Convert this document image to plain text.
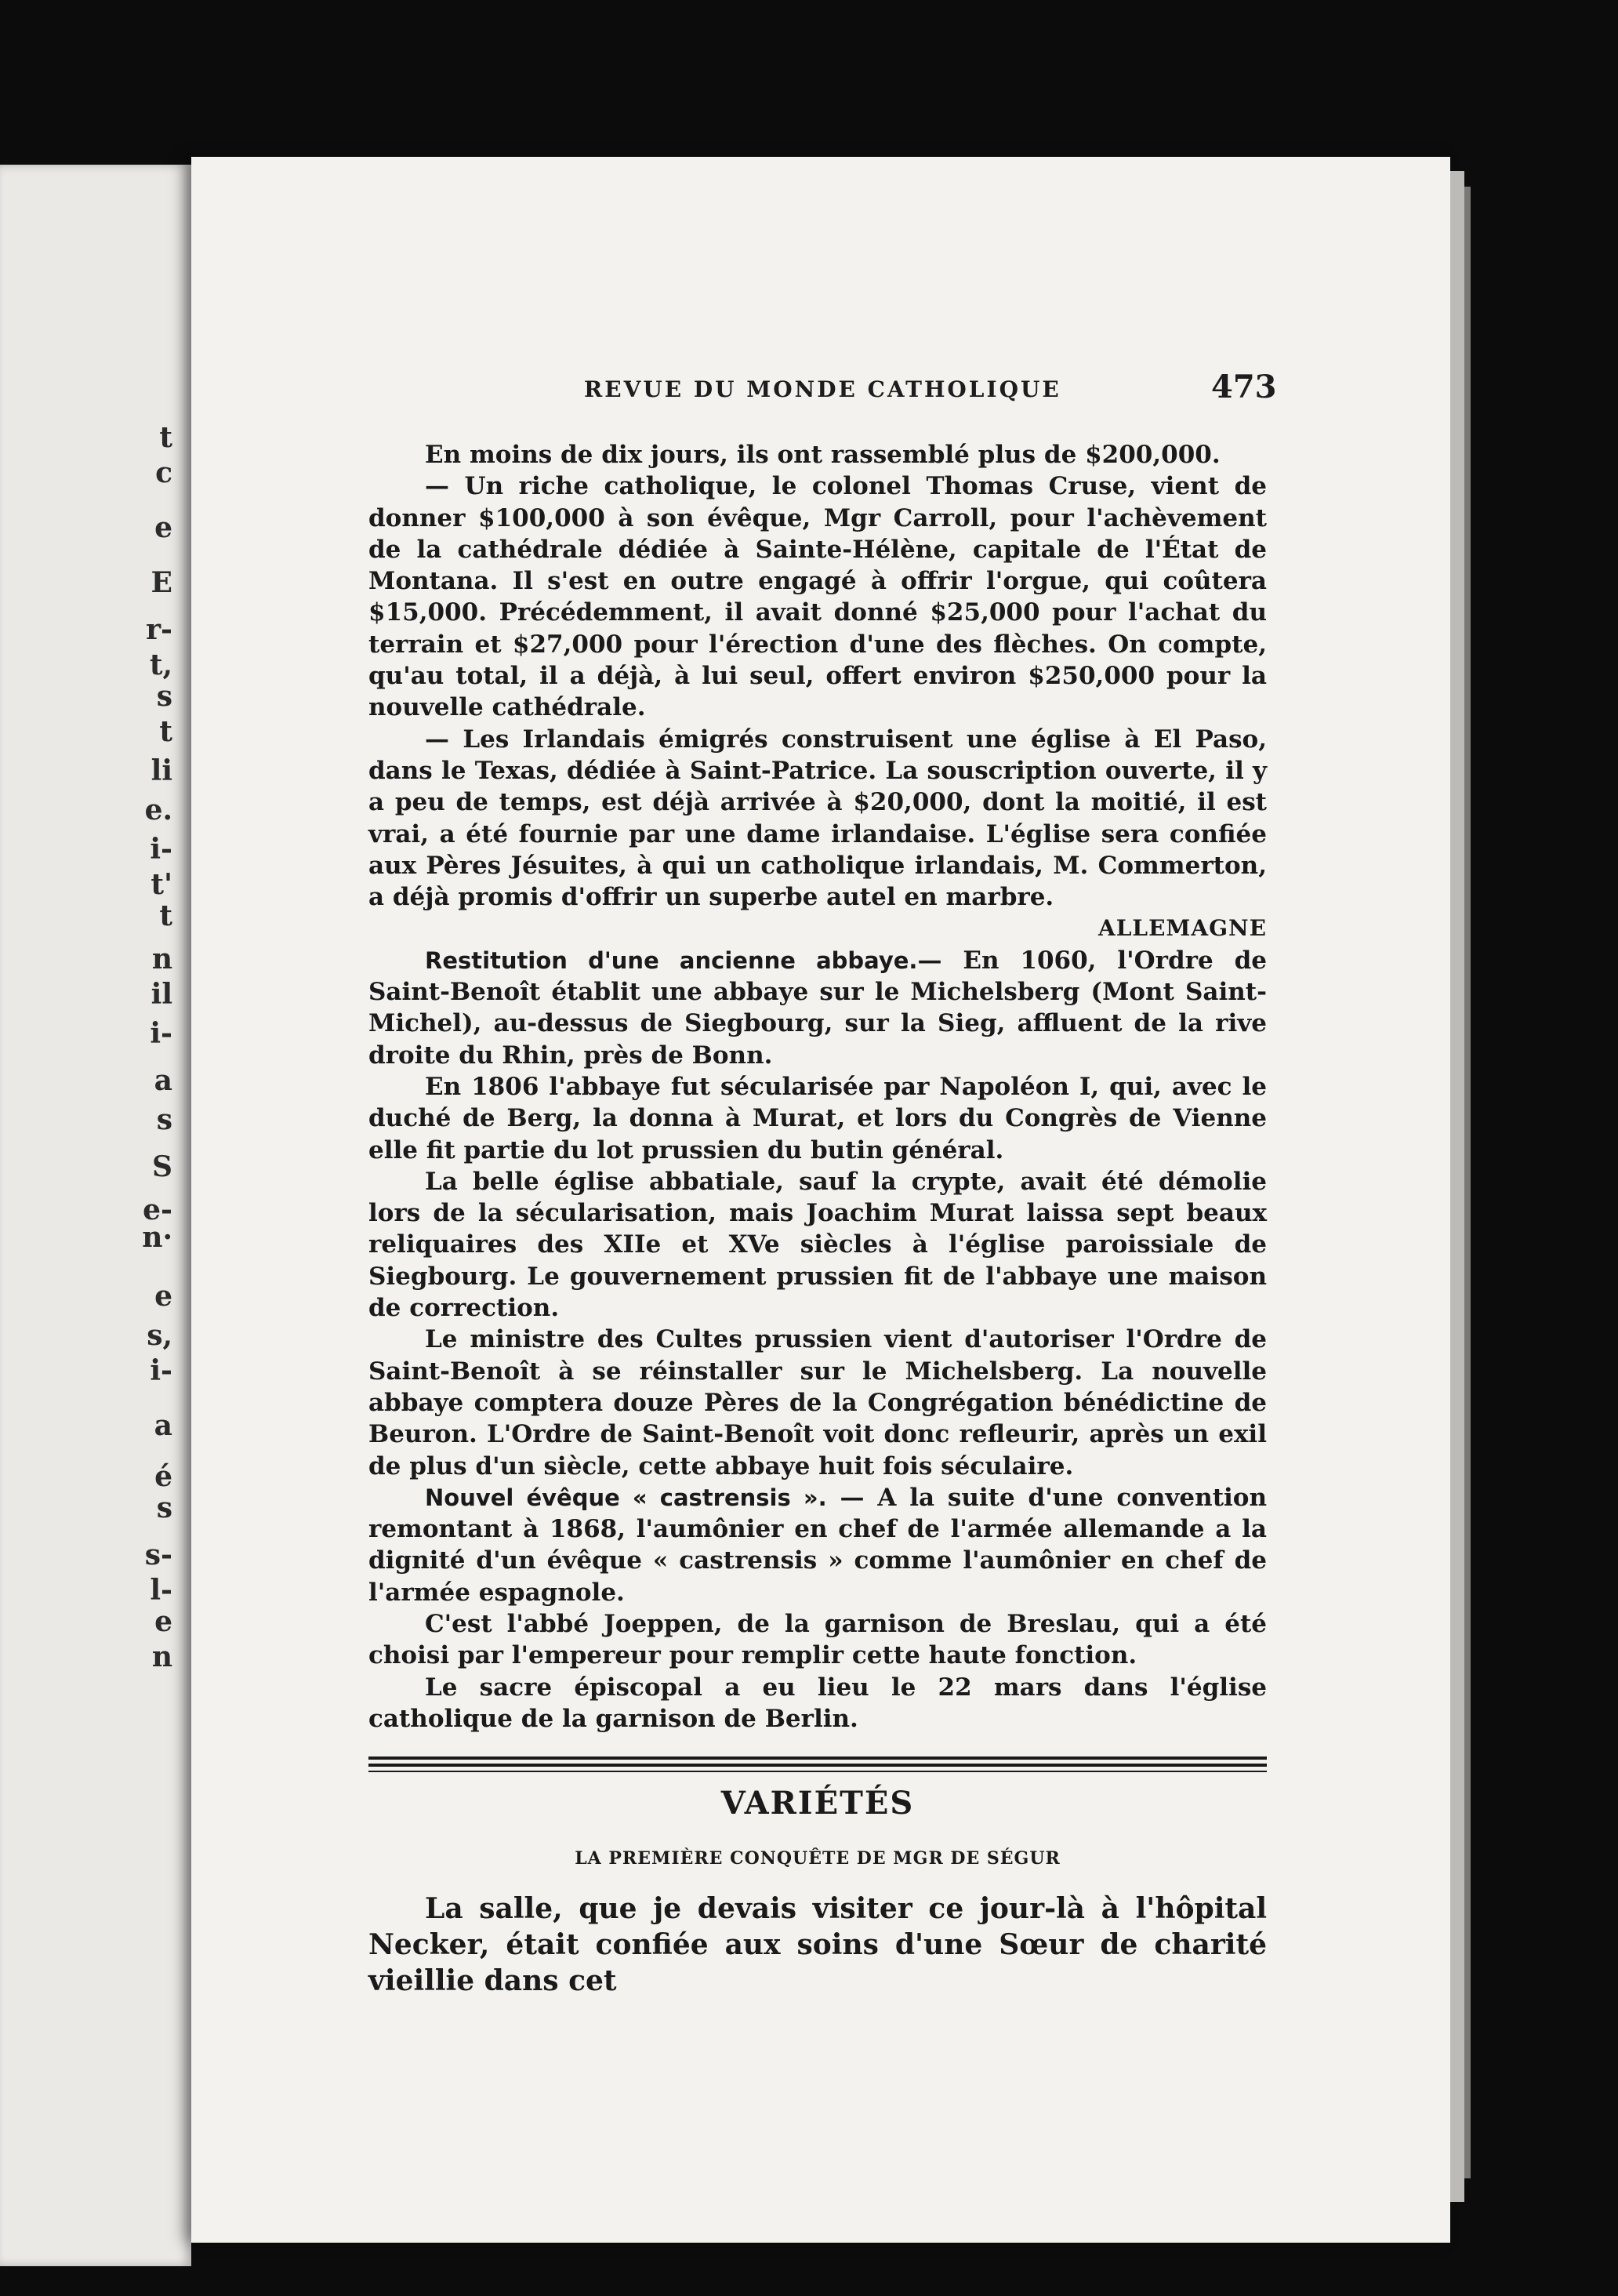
t
c
e
E
r-
t,
s
t
li
e.
i-
t'
t
n
il
i-
a
s
S
e-
n·
e
s,
i-
a
é
s
s-
l-
e
n
REVUE DU MONDE CATHOLIQUE	473

En moins de dix jours, ils ont rassemblé plus de $200,000.

— Un riche catholique, le colonel Thomas Cruse, vient de donner $100,000 à son évêque, Mgr Carroll, pour l'achèvement de la cathédrale dédiée à Sainte-Hélène, capitale de l'État de Montana. Il s'est en outre engagé à offrir l'orgue, qui coûtera $15,000. Précédemment, il avait donné $25,000 pour l'achat du terrain et $27,000 pour l'érection d'une des flèches. On compte, qu'au total, il a déjà, à lui seul, offert environ $250,000 pour la nouvelle cathédrale.

— Les Irlandais émigrés construisent une église à El Paso, dans le Texas, dédiée à Saint-Patrice. La souscription ouverte, il y a peu de temps, est déjà arrivée à $20,000, dont la moitié, il est vrai, a été fournie par une dame irlandaise. L'église sera confiée aux Pères Jésuites, à qui un catholique irlandais, M. Commerton, a déjà promis d'offrir un superbe autel en marbre.

ALLEMAGNE

Restitution d'une ancienne abbaye.— En 1060, l'Ordre de Saint-Benoît établit une abbaye sur le Michelsberg (Mont Saint-Michel), au-dessus de Siegbourg, sur la Sieg, affluent de la rive droite du Rhin, près de Bonn.

En 1806 l'abbaye fut sécularisée par Napoléon I, qui, avec le duché de Berg, la donna à Murat, et lors du Congrès de Vienne elle fit partie du lot prussien du butin général.

La belle église abbatiale, sauf la crypte, avait été démolie lors de la sécularisation, mais Joachim Murat laissa sept beaux reliquaires des XIIe et XVe siècles à l'église paroissiale de Siegbourg. Le gouvernement prussien fit de l'abbaye une maison de correction.

Le ministre des Cultes prussien vient d'autoriser l'Ordre de Saint-Benoît à se réinstaller sur le Michelsberg. La nouvelle abbaye comptera douze Pères de la Congrégation bénédictine de Beuron. L'Ordre de Saint-Benoît voit donc refleurir, après un exil de plus d'un siècle, cette abbaye huit fois séculaire.

Nouvel évêque « castrensis ». — A la suite d'une convention remontant à 1868, l'aumônier en chef de l'armée allemande a la dignité d'un évêque « castrensis » comme l'aumônier en chef de l'armée espagnole.

C'est l'abbé Joeppen, de la garnison de Breslau, qui a été choisi par l'empereur pour remplir cette haute fonction.

Le sacre épiscopal a eu lieu le 22 mars dans l'église catholique de la garnison de Berlin.

VARIÉTÉS
LA PREMIÈRE CONQUÊTE DE MGR DE SÉGUR

La salle, que je devais visiter ce jour-là à l'hôpital Necker, était confiée aux soins d'une Sœur de charité vieillie dans cet
